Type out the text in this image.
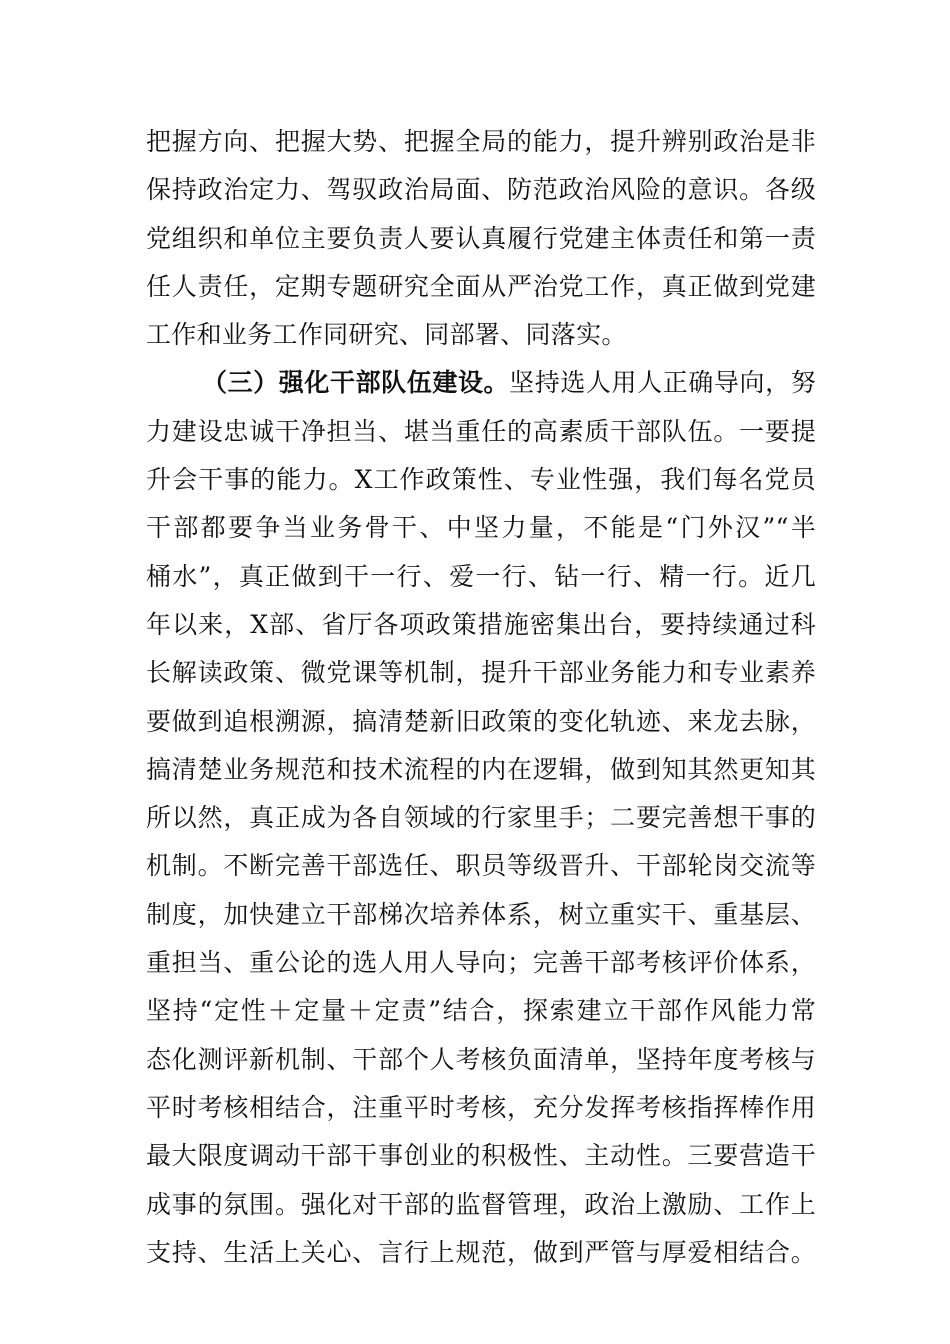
把握方向、把握大势、把握全局的能力，提升辨别政治是非
保持政治定力、驾驭政治局面、防范政治风险的意识。各级
党组织和单位主要负责人要认真履行党建主体责任和第一责
任人责任，定期专题研究全面从严治党工作，真正做到党建
工作和业务工作同研究、同部署、同落实。
（三）强化干部队伍建设。坚持选人用人正确导向，努
力建设忠诚干净担当、堪当重任的高素质干部队伍。一要提
升会干事的能力。X工作政策性、专业性强，我们每名党员
干部都要争当业务骨干、中坚力量，不能是“门外汉”“半
桶水”，真正做到干一行、爱一行、钻一行、精一行。近几
年以来，X部、省厅各项政策措施密集出台，要持续通过科
长解读政策、微党课等机制，提升干部业务能力和专业素养
要做到追根溯源，搞清楚新旧政策的变化轨迹、来龙去脉，
搞清楚业务规范和技术流程的内在逻辑，做到知其然更知其
所以然，真正成为各自领域的行家里手；二要完善想干事的
机制。不断完善干部选任、职员等级晋升、干部轮岗交流等
制度，加快建立干部梯次培养体系，树立重实干、重基层、
重担当、重公论的选人用人导向；完善干部考核评价体系，
坚持“定性＋定量＋定责”结合，探索建立干部作风能力常
态化测评新机制、干部个人考核负面清单，坚持年度考核与
平时考核相结合，注重平时考核，充分发挥考核指挥棒作用
最大限度调动干部干事创业的积极性、主动性。三要营造干
成事的氛围。强化对干部的监督管理，政治上激励、工作上
支持、生活上关心、言行上规范，做到严管与厚爱相结合。
